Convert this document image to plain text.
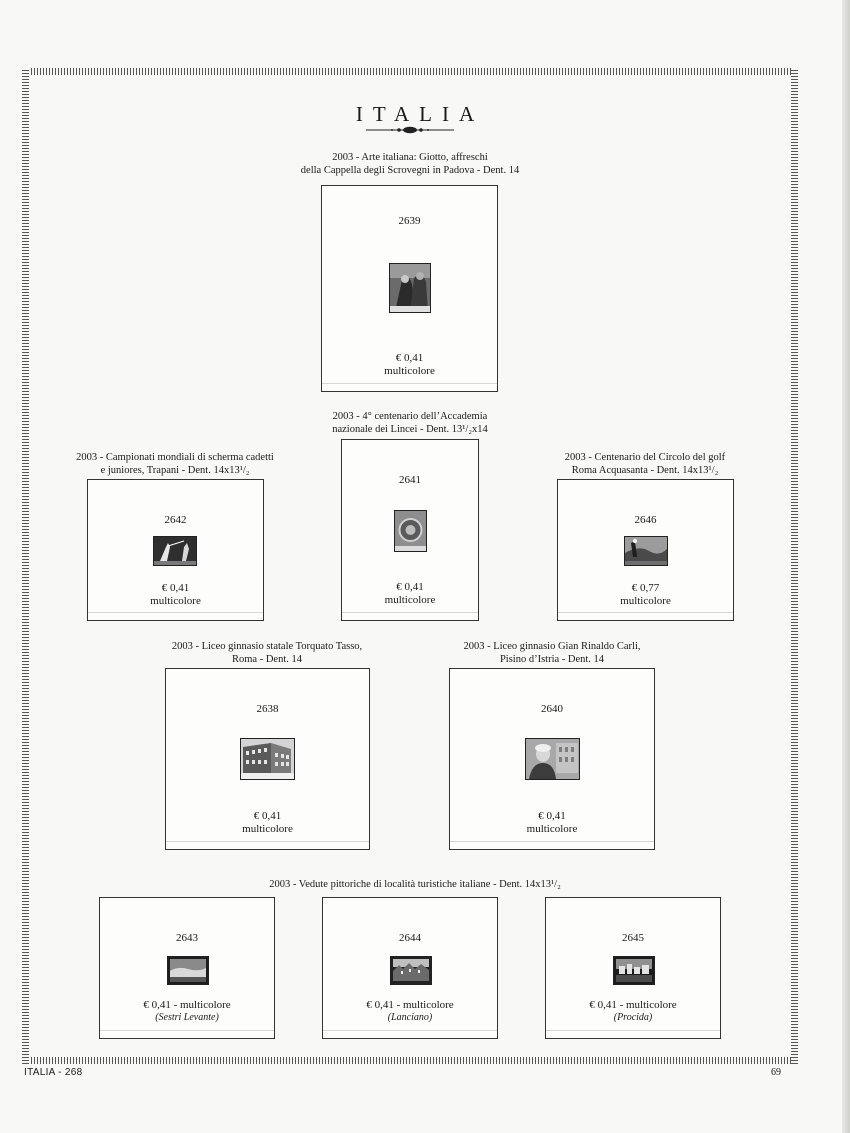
ITALIA
2003 - Arte italiana: Giotto, affreschi
della Cappella degli Scrovegni in Padova - Dent. 14
2639
€ 0,41
multicolore
2003 - 4° centenario dell’Accademia
nazionale dei Lincei - Dent. 13¹/₂x14
2641
€ 0,41
multicolore
2003 - Campionati mondiali di scherma cadetti
e juniores, Trapani - Dent. 14x13¹/₂
2642
€ 0,41
multicolore
2003 - Centenario del Circolo del golf
Roma Acquasanta - Dent. 14x13¹/₂
2646
€ 0,77
multicolore
2003 - Liceo ginnasio statale Torquato Tasso,
Roma - Dent. 14
2638
€ 0,41
multicolore
2003 - Liceo ginnasio Gian Rinaldo Carli,
Pisino d’Istria - Dent. 14
2640
€ 0,41
multicolore
2003 - Vedute pittoriche di località turistiche italiane - Dent. 14x13¹/₂
2643
€ 0,41 - multicolore
(Sestri Levante)
2644
€ 0,41 - multicolore
(Lanciano)
2645
€ 0,41 - multicolore
(Procida)
ITALIA - 268	69
